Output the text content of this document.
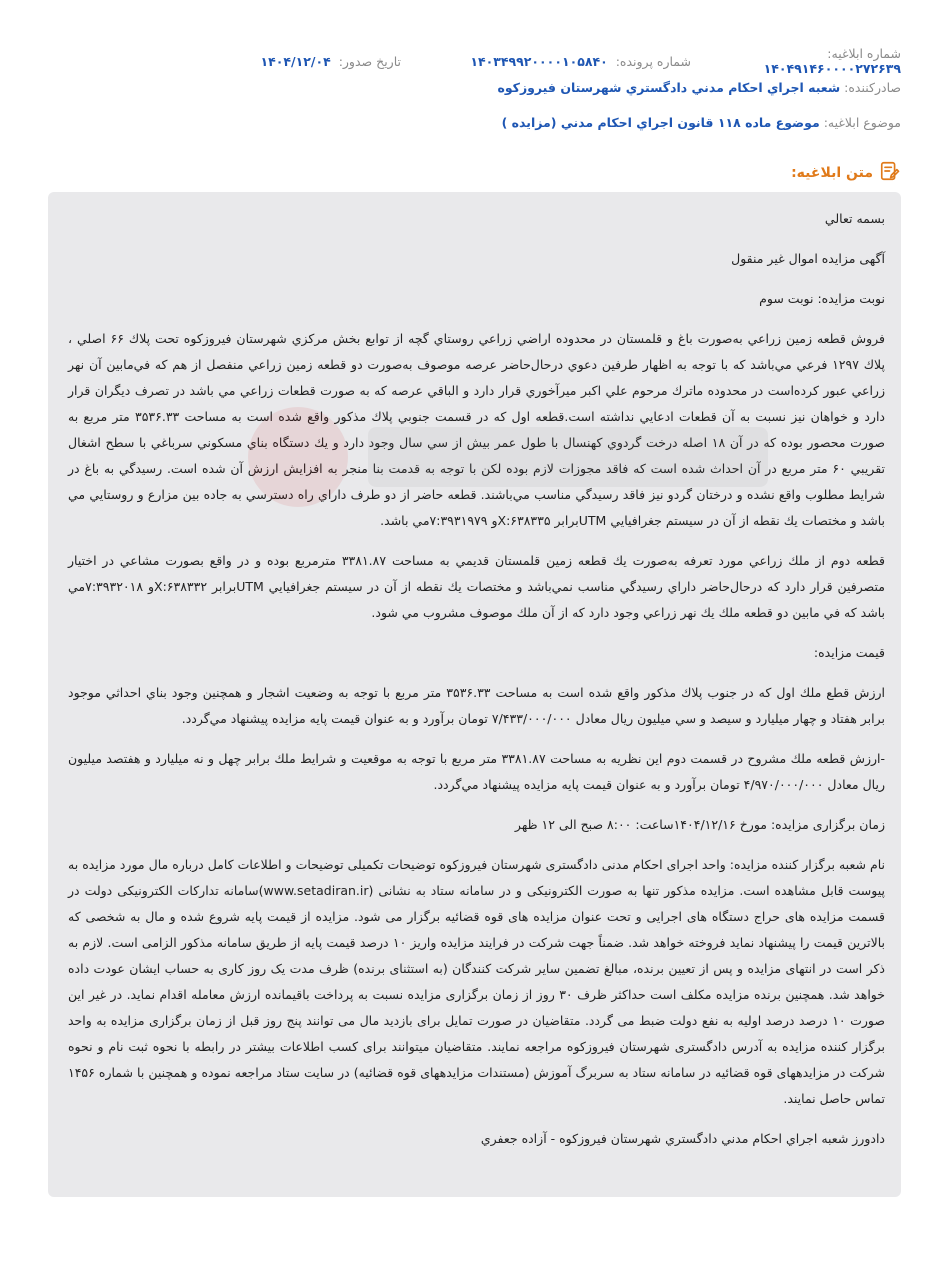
شماره ابلاغیه: ۱۴۰۴۹۱۴۶۰۰۰۰۲۷۲۶۳۹
شماره پرونده: ۱۴۰۳۴۹۹۲۰۰۰۰۱۰۵۸۴۰
تاریخ صدور: ۱۴۰۴/۱۲/۰۴
صادرکننده:
شعبه اجراي احكام مدني دادگستري شهرستان فيروزكوه
موضوع ابلاغیه:
موضوع ماده ۱۱۸ قانون اجراي احكام مدني (مزايده )
متن ابلاغیه:

بسمه تعالي

آگهی مزایده اموال غیر منقول

نوبت مزایده: نوبت سوم

فروش قطعه زمين زراعي به‌صورت باغ و قلمستان در محدوده اراضي زراعي روستاي گچه از توابع بخش مركزي شهرستان فيروزكوه تحت پلاك ۶۶ اصلي ، پلاك ۱۲۹۷ فرعي مي‌باشد كه با توجه به اظهار طرفين دعوي درحال‌حاضر عرصه موصوف به‌صورت دو قطعه زمين زراعي منفصل از هم كه في‌مابين آن نهر زراعي عبور كرده‌است در محدوده ماترك مرحوم علي اكبر ميرآخوري قرار دارد و الباقي عرصه كه به صورت قطعات زراعي مي باشد در تصرف ديگران قرار دارد و خواهان نيز نسبت به آن قطعات ادعايي نداشته است.قطعه اول كه در قسمت جنوبي پلاك مذكور واقع شده است به مساحت ۳۵۳۶.۳۳ متر مربع به صورت محصور بوده كه در آن ۱۸ اصله درخت گردوي كهنسال با طول عمر بيش از سي سال وجود دارد و يك دستگاه بناي مسكوني سرباغي با سطح اشغال تقريبي ۶۰ متر مربع در آن احداث شده است كه فاقد مجوزات لازم بوده لكن با توجه به قدمت بنا منجر به افزايش ارزش آن شده است. رسيدگي به باغ در شرايط مطلوب واقع نشده و درختان گردو نيز فاقد رسيدگي مناسب مي‌باشند. قطعه حاضر از دو طرف داراي راه دسترسي به جاده بين مزارع و روستايي مي باشد و مختصات يك نقطه از آن در سيستم جغرافيايي UTMبرابر X:۶۳۸۳۳۵و ۷:۳۹۳۱۹۷۹مي باشد.

قطعه دوم از ملك زراعي مورد تعرفه به‌صورت يك قطعه زمين قلمستان قديمي به مساحت ۳۳۸۱.۸۷ مترمربع بوده و در واقع بصورت مشاعي در اختيار متصرفين قرار دارد كه درحال‌حاضر داراي رسيدگي مناسب نمي‌باشد و مختصات يك نقطه از آن در سيستم جغرافيايي UTMبرابر X:۶۳۸۳۳۲و ۷:۳۹۳۲۰۱۸مي باشد كه في مابين دو قطعه ملك يك نهر زراعي وجود دارد كه از آن ملك موصوف مشروب مي شود.

قیمت مزایده:

ارزش قطع ملك اول كه در جنوب پلاك مذكور واقع شده است به مساحت ۳۵۳۶.۳۳ متر مربع با توجه به وضعيت اشجار و همچنين وجود بناي احداثي موجود برابر هفتاد و چهار ميليارد و سيصد و سي ميليون ريال معادل ۷/۴۳۳/۰۰۰/۰۰۰ تومان برآورد و به عنوان قيمت پايه مزايده پيشنهاد مي‌گردد.

-ارزش قطعه ملك مشروح در قسمت دوم اين نظريه به مساحت ۳۳۸۱.۸۷ متر مربع با توجه به موقعيت و شرايط ملك برابر چهل و نه ميليارد و هفتصد ميليون ريال معادل ۴/۹۷۰/۰۰۰/۰۰۰ تومان برآورد و به عنوان قيمت پايه مزايده پيشنهاد مي‌گردد.

زمان برگزاری مزایده: مورخ ۱۴۰۴/۱۲/۱۶ساعت: ۸:۰۰ صبح الی ۱۲ ظهر

نام شعبه برگزار کننده مزایده: واحد اجرای احکام مدنی دادگستری شهرستان فیروزکوه توضیحات تکمیلی توضیحات و اطلاعات کامل درباره مال مورد مزایده به پیوست قابل مشاهده است. مزایده مذکور تنها به صورت الکترونیکی و در سامانه ستاد به نشانی (www.setadiran.ir)سامانه تدارکات الکترونیکی دولت در قسمت مزایده های حراج دستگاه های اجرایی و تحت عنوان مزایده های قوه قضائیه برگزار می شود. مزایده از قیمت پایه شروع شده و مال به شخصی که بالاترین قیمت را پیشنهاد نماید فروخته خواهد شد. ضمناً جهت شرکت در فرایند مزایده واریز ۱۰ درصد قیمت پایه از طریق سامانه مذکور الزامی است. لازم به ذکر است در انتهای مزایده و پس از تعیین برنده، مبالغ تضمین سایر شرکت کنندگان (به استثنای برنده) ظرف مدت یک روز کاری به حساب ایشان عودت داده خواهد شد. همچنین برنده مزایده مکلف است حداکثر ظرف ۳۰ روز از زمان برگزاری مزایده نسبت به پرداخت باقیمانده ارزش معامله اقدام نماید. در غیر این صورت ۱۰ درصد درصد اولیه به نفع دولت ضبط می گردد. متقاضیان در صورت تمایل برای بازدید مال می توانند پنج روز قبل از زمان برگزاری مزایده به واحد برگزار کننده مزایده به آدرس دادگستری شهرستان فیروزکوه مراجعه نمایند. متقاضیان میتوانند برای کسب اطلاعات بیشتر در رابطه با نحوه ثبت نام و نحوه شرکت در مزایدههای قوه قضائیه در سامانه ستاد به سربرگ آموزش (مستندات مزایدههای قوه قضائیه) در سایت ستاد مراجعه نموده و همچنین با شماره ۱۴۵۶ تماس حاصل نمایند.

دادورز شعبه اجراي احكام مدني دادگستري شهرستان فيروزكوه - آزاده جعفري
